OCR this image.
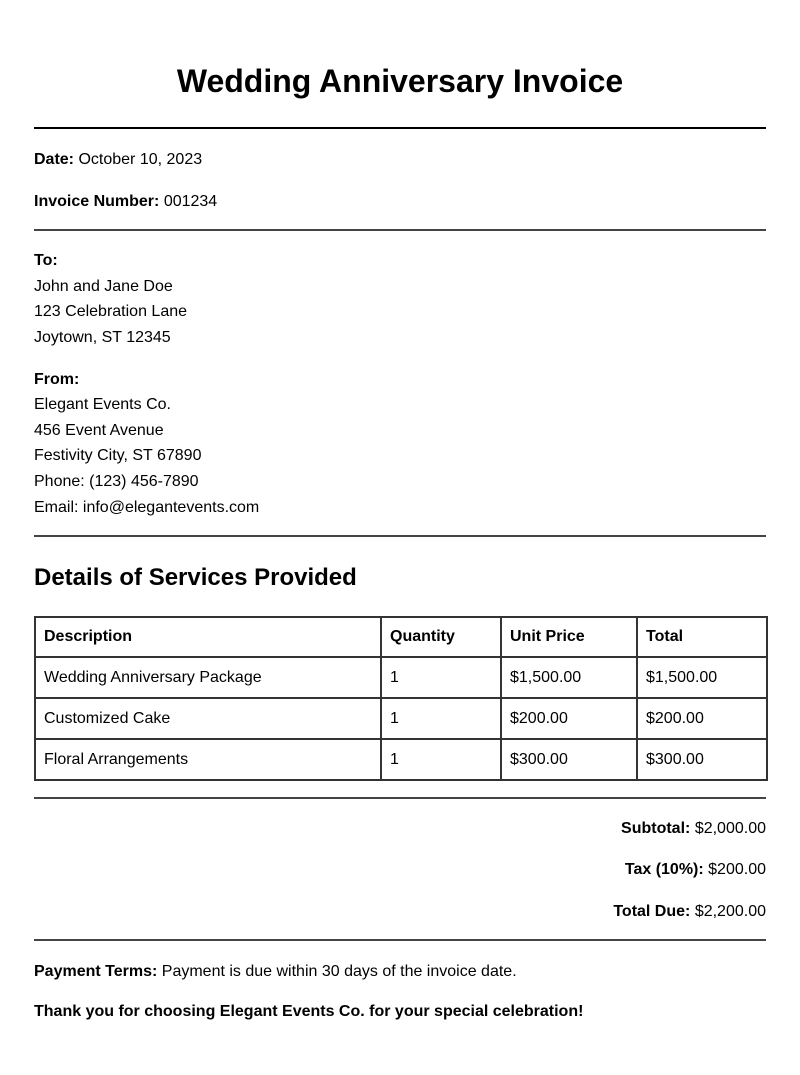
Wedding Anniversary Invoice
Date: October 10, 2023
Invoice Number: 001234
To:
John and Jane Doe
123 Celebration Lane
Joytown, ST 12345
From:
Elegant Events Co.
456 Event Avenue
Festivity City, ST 67890
Phone: (123) 456-7890
Email: info@elegantevents.com
Details of Services Provided
Description	Quantity	Unit Price	Total
Wedding Anniversary Package	1	$1,500.00	$1,500.00
Customized Cake	1	$200.00	$200.00
Floral Arrangements	1	$300.00	$300.00
Subtotal: $2,000.00
Tax (10%): $200.00
Total Due: $2,200.00
Payment Terms: Payment is due within 30 days of the invoice date.
Thank you for choosing Elegant Events Co. for your special celebration!
